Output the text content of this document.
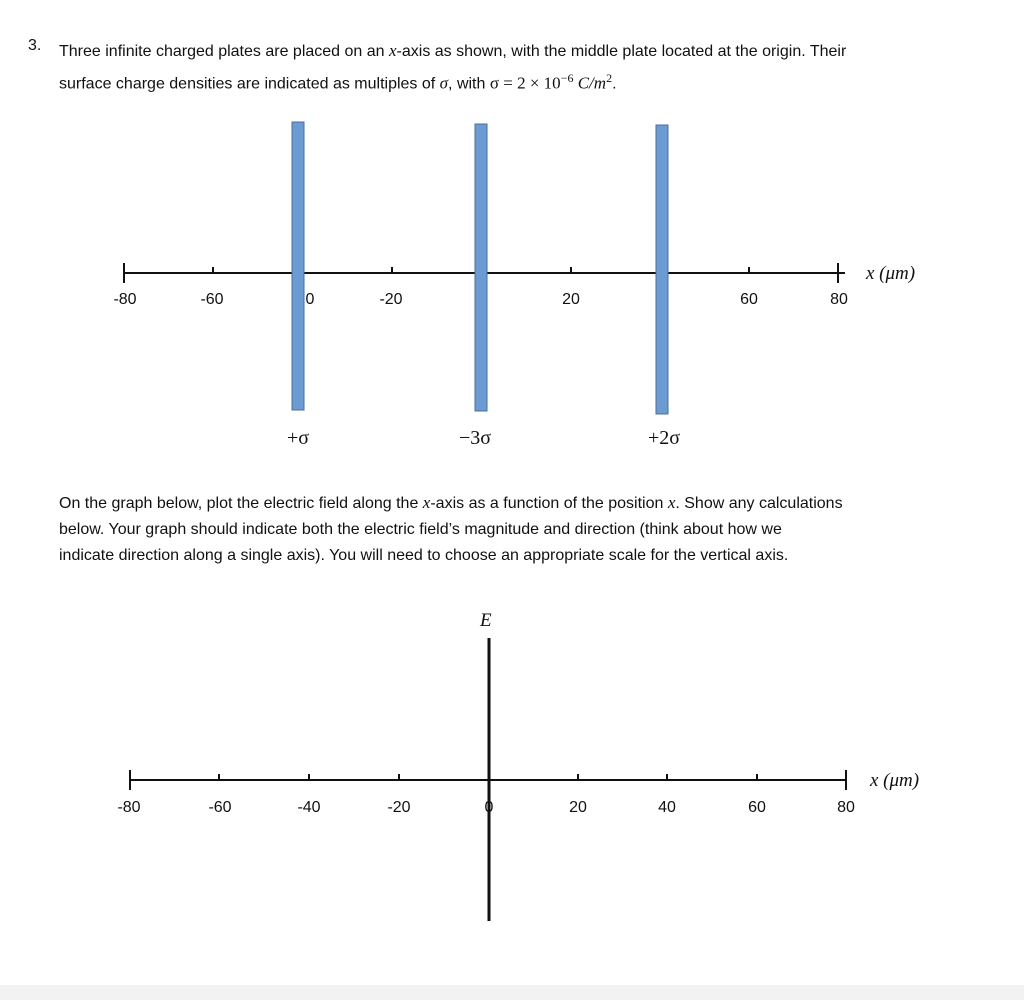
3. Three infinite charged plates are placed on an x-axis as shown, with the middle plate located at the origin. Their

surface charge densities are indicated as multiples of σ, with $\sigma = 2 \times 10^{-6}$ $C/m^2$.

-80	-60	0	-20	20	60	80
+σ	−3σ	+2σ
x (μm)
-80	-60	-40	-20	0	20	40	60	80
E
x (μm)

On the graph below, plot the electric field along the x-axis as a function of the position x. Show any calculations

below. Your graph should indicate both the electric field’s magnitude and direction (think about how we

indicate direction along a single axis). You will need to choose an appropriate scale for the vertical axis.
